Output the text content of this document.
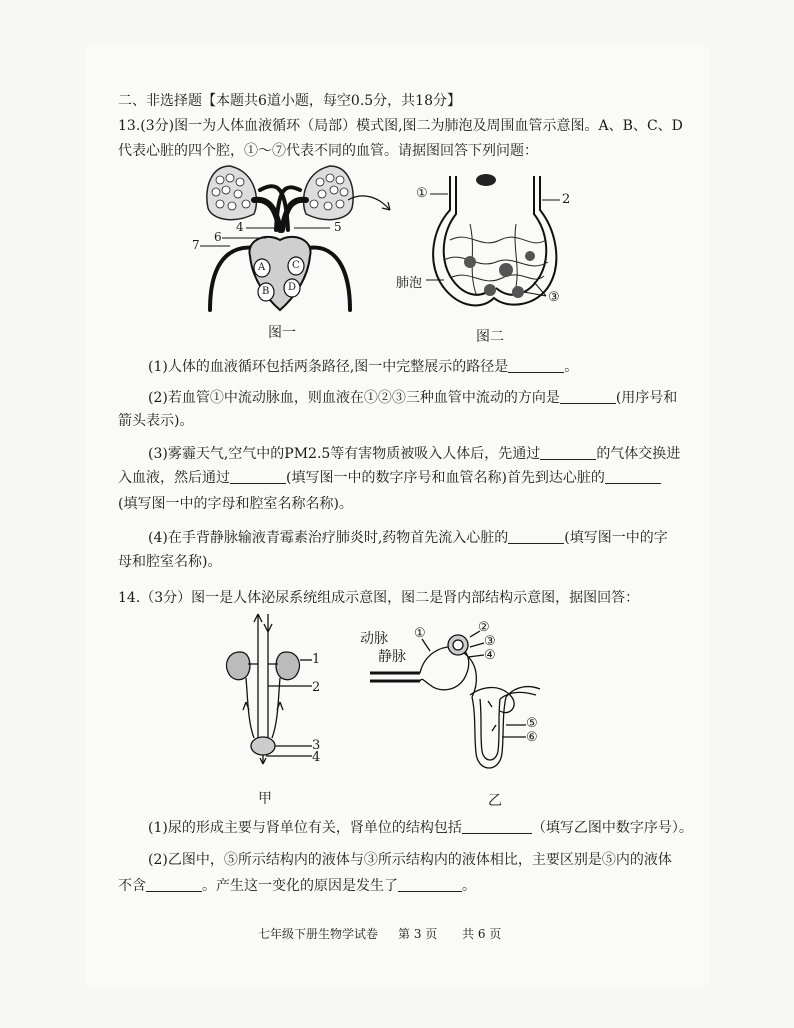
二、非选择题【本题共6道小题，每空0.5分，共18分】
13.(3分)图一为人体血液循环（局部）模式图,图二为肺泡及周围血管示意图。A、B、C、D
代表心脏的四个腔，①～⑦代表不同的血管。请据图回答下列问题：
4	5
6
7
A
B
C
D
图一
①	2
肺泡
③
图二
(1)人体的血液循环包括两条路径,图一中完整展示的路径是	。
(2)若血管①中流动脉血，则血液在①②③三种血管中流动的方向是	(用序号和
箭头表示)。
(3)雾霾天气,空气中的PM2.5等有害物质被吸入人体后，先通过	的气体交换进
入血液，然后通过	(填写图一中的数字序号和血管名称)首先到达心脏的
(填写图一中的字母和腔室名称名称)。
(4)在手背静脉输液青霉素治疗肺炎时,药物首先流入心脏的	(填写图一中的字
母和腔室名称)。
14.（3分）图一是人体泌尿系统组成示意图，图二是肾内部结构示意图，据图回答：
1
2
3
4
甲
动脉
静脉
①	②
③
④
⑤
⑥
乙
(1)尿的形成主要与肾单位有关，肾单位的结构包括	（填写乙图中数字序号）。
(2)乙图中，⑤所示结构内的液体与③所示结构内的液体相比，主要区别是⑤内的液体
不含	。产生这一变化的原因是发生了	。
七年级下册生物学试卷 第 3 页 共 6 页
